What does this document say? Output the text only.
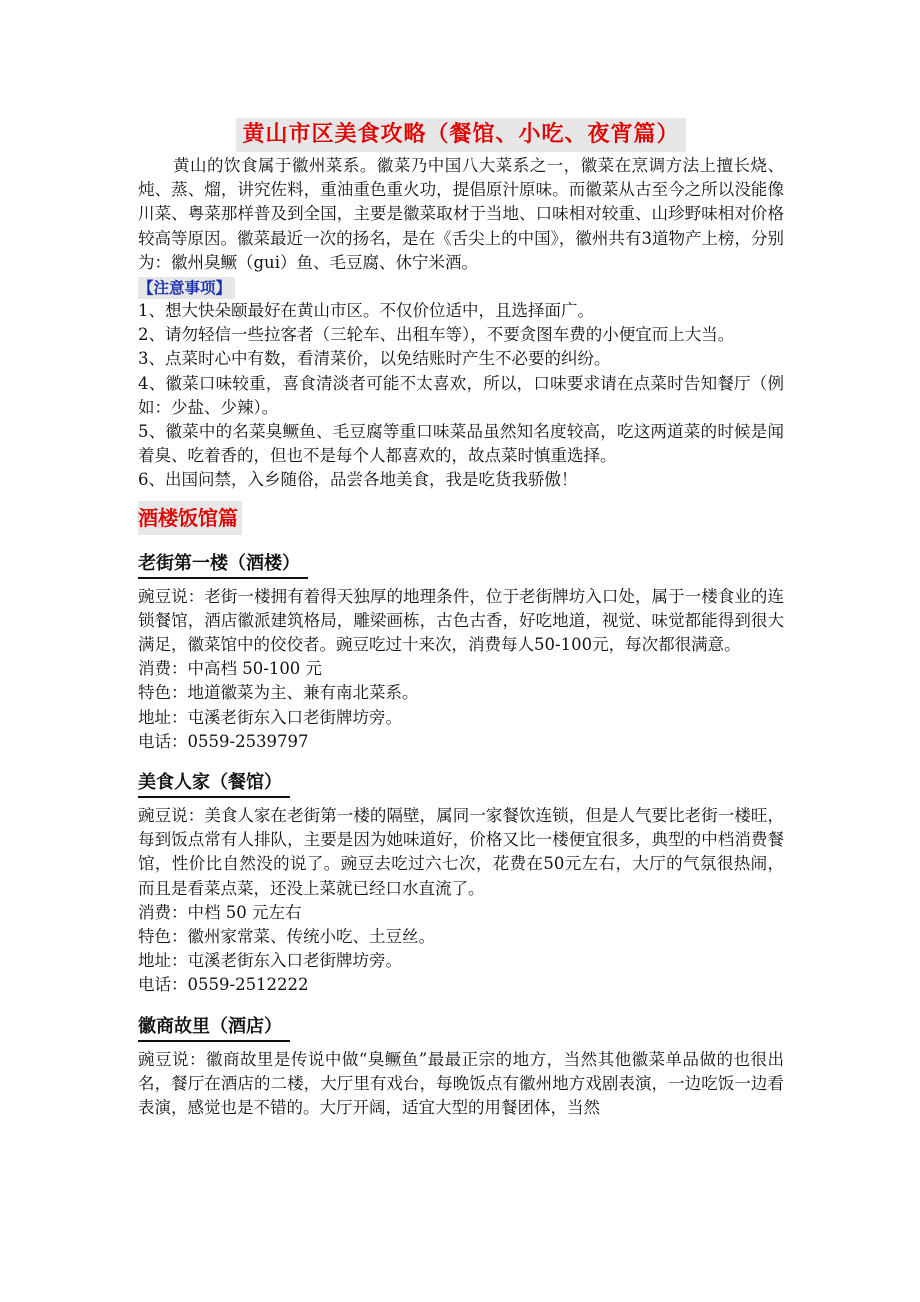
黄山市区美食攻略（餐馆、小吃、夜宵篇）

黄山的饮食属于徽州菜系。徽菜乃中国八大菜系之一，徽菜在烹调方法上擅长烧、炖、蒸、熘，讲究佐料，重油重色重火功，提倡原汁原味。而徽菜从古至今之所以没能像川菜、粤菜那样普及到全国，主要是徽菜取材于当地、口味相对较重、山珍野味相对价格较高等原因。徽菜最近一次的扬名，是在《舌尖上的中国》，徽州共有3道物产上榜，分别为：徽州臭鳜（gui）鱼、毛豆腐、休宁米酒。

【注意事项】

1、想大快朵颐最好在黄山市区。不仅价位适中，且选择面广。

2、请勿轻信一些拉客者（三轮车、出租车等），不要贪图车费的小便宜而上大当。

3、点菜时心中有数，看清菜价，以免结账时产生不必要的纠纷。

4、徽菜口味较重，喜食清淡者可能不太喜欢，所以，口味要求请在点菜时告知餐厅（例如：少盐、少辣）。

5、徽菜中的名菜臭鳜鱼、毛豆腐等重口味菜品虽然知名度较高，吃这两道菜的时候是闻着臭、吃着香的，但也不是每个人都喜欢的，故点菜时慎重选择。

6、出国问禁，入乡随俗，品尝各地美食，我是吃货我骄傲！

酒楼饭馆篇
老街第一楼（酒楼）

豌豆说：老街一楼拥有着得天独厚的地理条件，位于老街牌坊入口处，属于一楼食业的连锁餐馆，酒店徽派建筑格局，雕梁画栋，古色古香，好吃地道，视觉、味觉都能得到很大满足，徽菜馆中的佼佼者。豌豆吃过十来次，消费每人50-100元，每次都很满意。

消费：中高档 50-100 元

特色：地道徽菜为主、兼有南北菜系。

地址：屯溪老街东入口老街牌坊旁。

电话：0559-2539797

美食人家（餐馆）

豌豆说：美食人家在老街第一楼的隔壁，属同一家餐饮连锁，但是人气要比老街一楼旺，每到饭点常有人排队，主要是因为她味道好，价格又比一楼便宜很多，典型的中档消费餐馆，性价比自然没的说了。豌豆去吃过六七次，花费在50元左右，大厅的气氛很热闹，而且是看菜点菜，还没上菜就已经口水直流了。

消费：中档 50 元左右

特色：徽州家常菜、传统小吃、土豆丝。

地址：屯溪老街东入口老街牌坊旁。

电话：0559-2512222

徽商故里（酒店）

豌豆说：徽商故里是传说中做“臭鳜鱼”最最正宗的地方，当然其他徽菜单品做的也很出名，餐厅在酒店的二楼，大厅里有戏台，每晚饭点有徽州地方戏剧表演，一边吃饭一边看表演，感觉也是不错的。大厅开阔，适宜大型的用餐团体，当然
